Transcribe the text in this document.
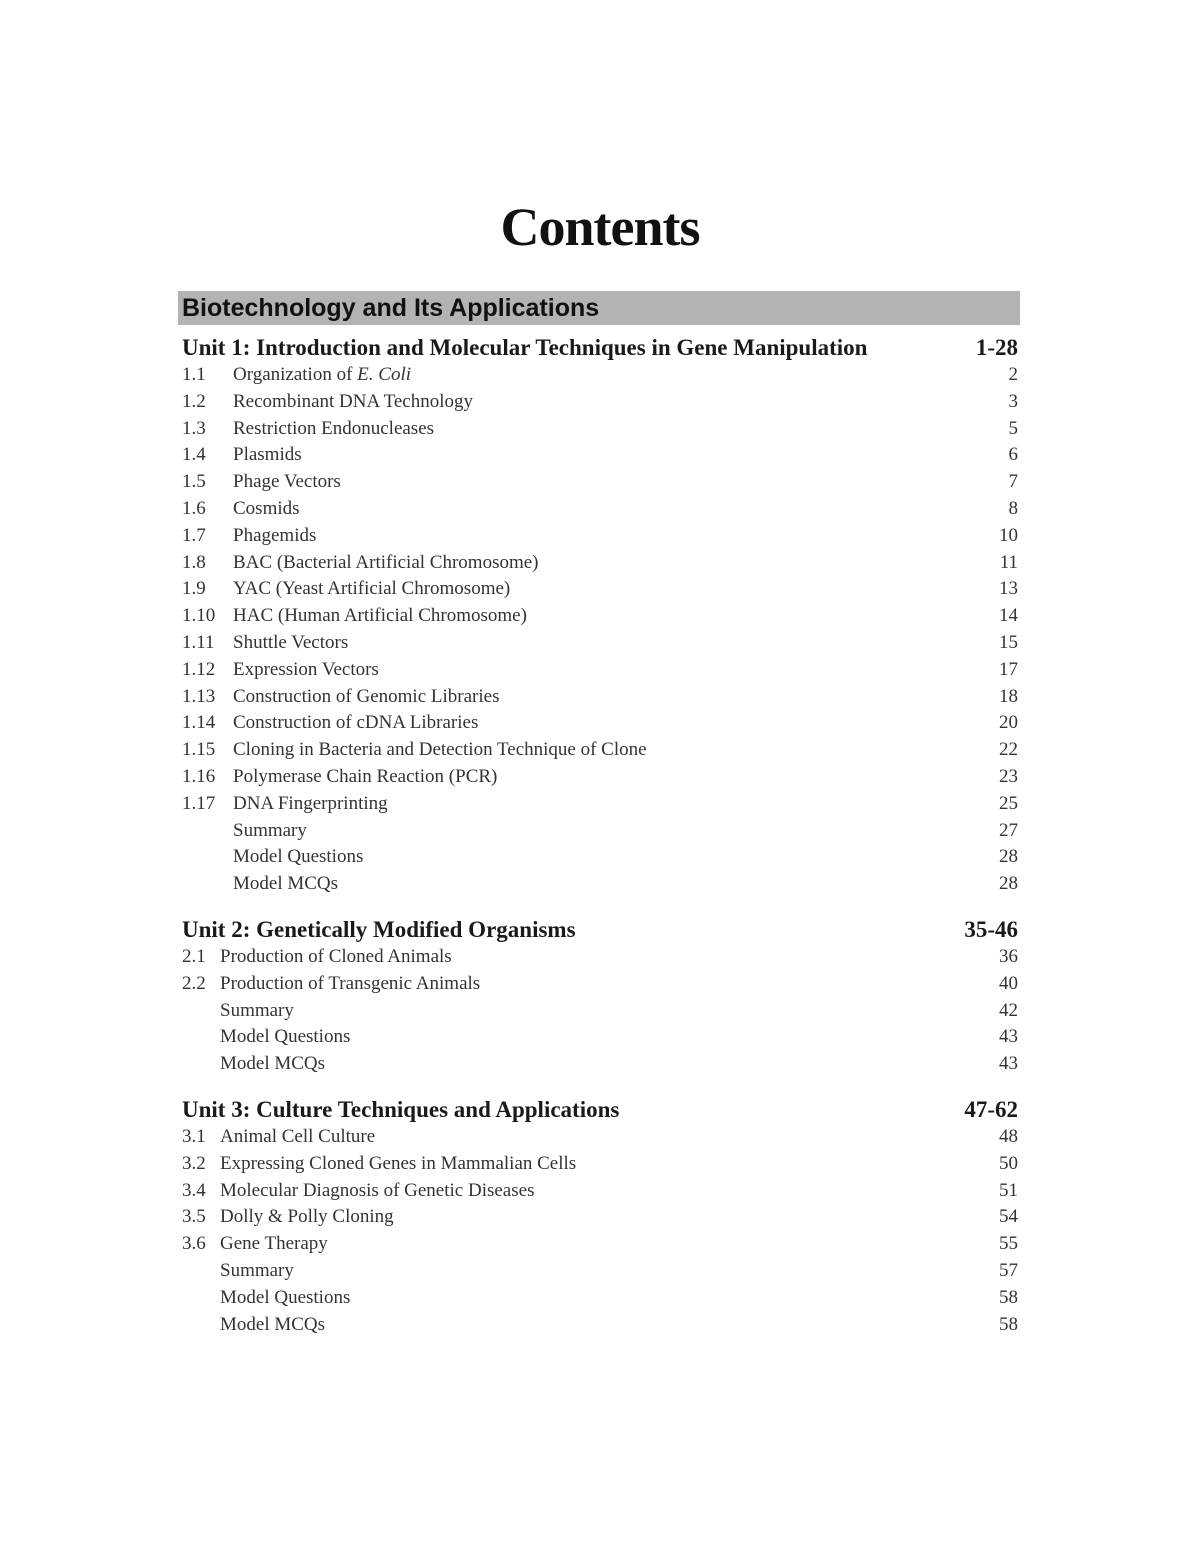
Contents
Biotechnology and Its Applications
Unit 1: Introduction and Molecular Techniques in Gene Manipulation	1-28
1.1	Organization of E. Coli	2
1.2	Recombinant DNA Technology	3
1.3	Restriction Endonucleases	5
1.4	Plasmids	6
1.5	Phage Vectors	7
1.6	Cosmids	8
1.7	Phagemids	10
1.8	BAC (Bacterial Artificial Chromosome)	11
1.9	YAC (Yeast Artificial Chromosome)	13
1.10 HAC (Human Artificial Chromosome)	14
1.11 Shuttle Vectors	15
1.12 Expression Vectors	17
1.13 Construction of Genomic Libraries	18
1.14 Construction of cDNA Libraries	20
1.15 Cloning in Bacteria and Detection Technique of Clone	22
1.16 Polymerase Chain Reaction (PCR)	23
1.17 DNA Fingerprinting	25
Summary	27
Model Questions	28
Model MCQs	28
Unit 2: Genetically Modified Organisms	35-46
2.1 Production of Cloned Animals	36
2.2 Production of Transgenic Animals	40
Summary	42
Model Questions	43
Model MCQs	43
Unit 3: Culture Techniques and Applications	47-62
3.1 Animal Cell Culture	48
3.2 Expressing Cloned Genes in Mammalian Cells	50
3.4 Molecular Diagnosis of Genetic Diseases	51
3.5 Dolly & Polly Cloning	54
3.6 Gene Therapy	55
Summary	57
Model Questions	58
Model MCQs	58
